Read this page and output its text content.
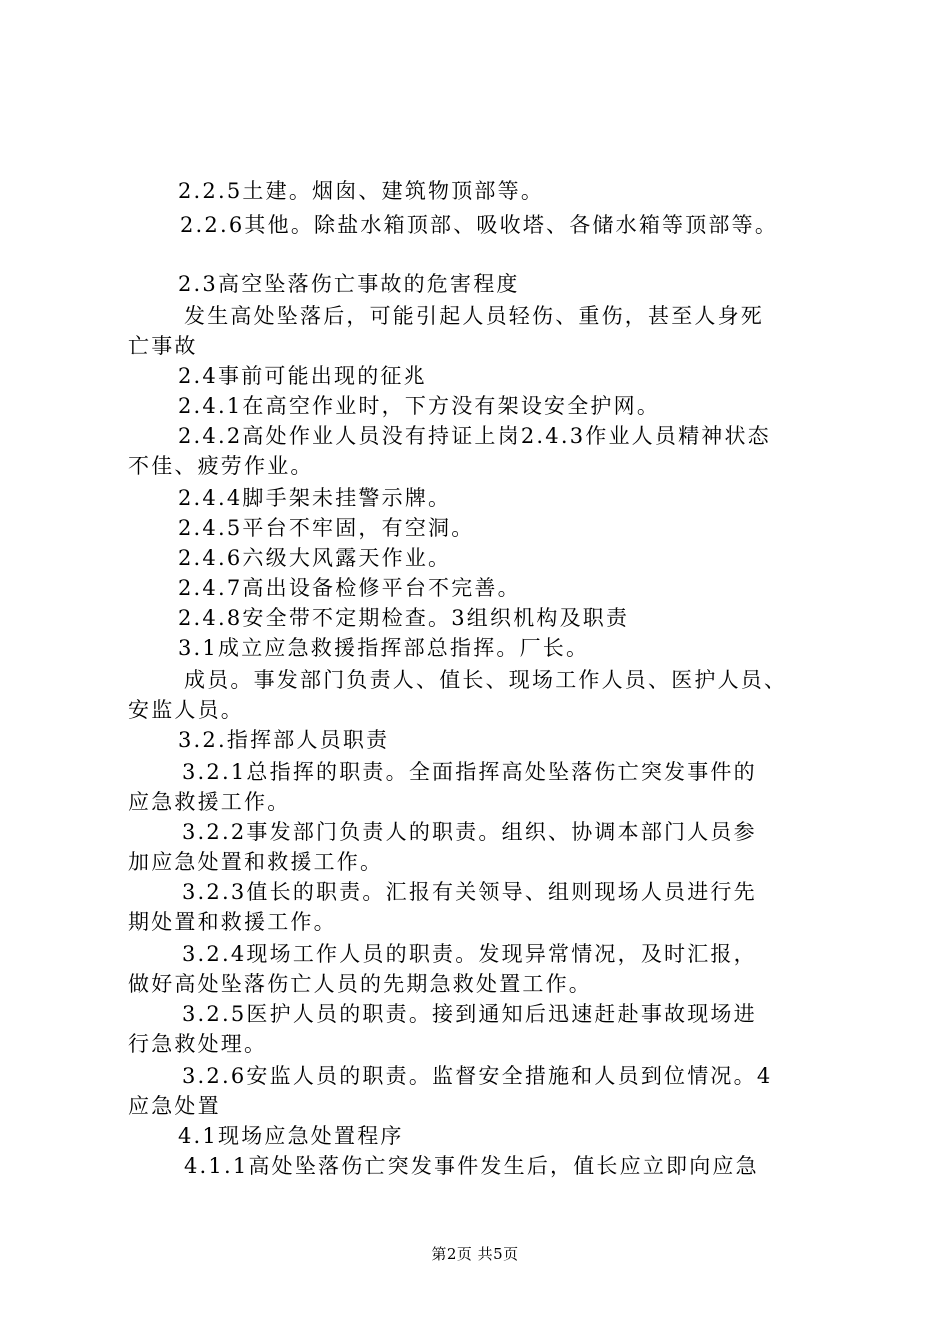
2.2.5土建。烟囱、建筑物顶部等。
2.2.6其他。除盐水箱顶部、吸收塔、各储水箱等顶部等。
2.3高空坠落伤亡事故的危害程度
发生高处坠落后，可能引起人员轻伤、重伤，甚至人身死
亡事故
2.4事前可能出现的征兆
2.4.1在高空作业时，下方没有架设安全护网。
2.4.2高处作业人员没有持证上岗2.4.3作业人员精神状态
不佳、疲劳作业。
2.4.4脚手架未挂警示牌。
2.4.5平台不牢固，有空洞。
2.4.6六级大风露天作业。
2.4.7高出设备检修平台不完善。
2.4.8安全带不定期检查。3组织机构及职责
3.1成立应急救援指挥部总指挥。厂长。
成员。事发部门负责人、值长、现场工作人员、医护人员、
安监人员。
3.2.指挥部人员职责
3.2.1总指挥的职责。全面指挥高处坠落伤亡突发事件的
应急救援工作。
3.2.2事发部门负责人的职责。组织、协调本部门人员参
加应急处置和救援工作。
3.2.3值长的职责。汇报有关领导、组则现场人员进行先
期处置和救援工作。
3.2.4现场工作人员的职责。发现异常情况，及时汇报，
做好高处坠落伤亡人员的先期急救处置工作。
3.2.5医护人员的职责。接到通知后迅速赶赴事故现场进
行急救处理。
3.2.6安监人员的职责。监督安全措施和人员到位情况。4
应急处置
4.1现场应急处置程序
4.1.1高处坠落伤亡突发事件发生后，值长应立即向应急
第2页 共5页
